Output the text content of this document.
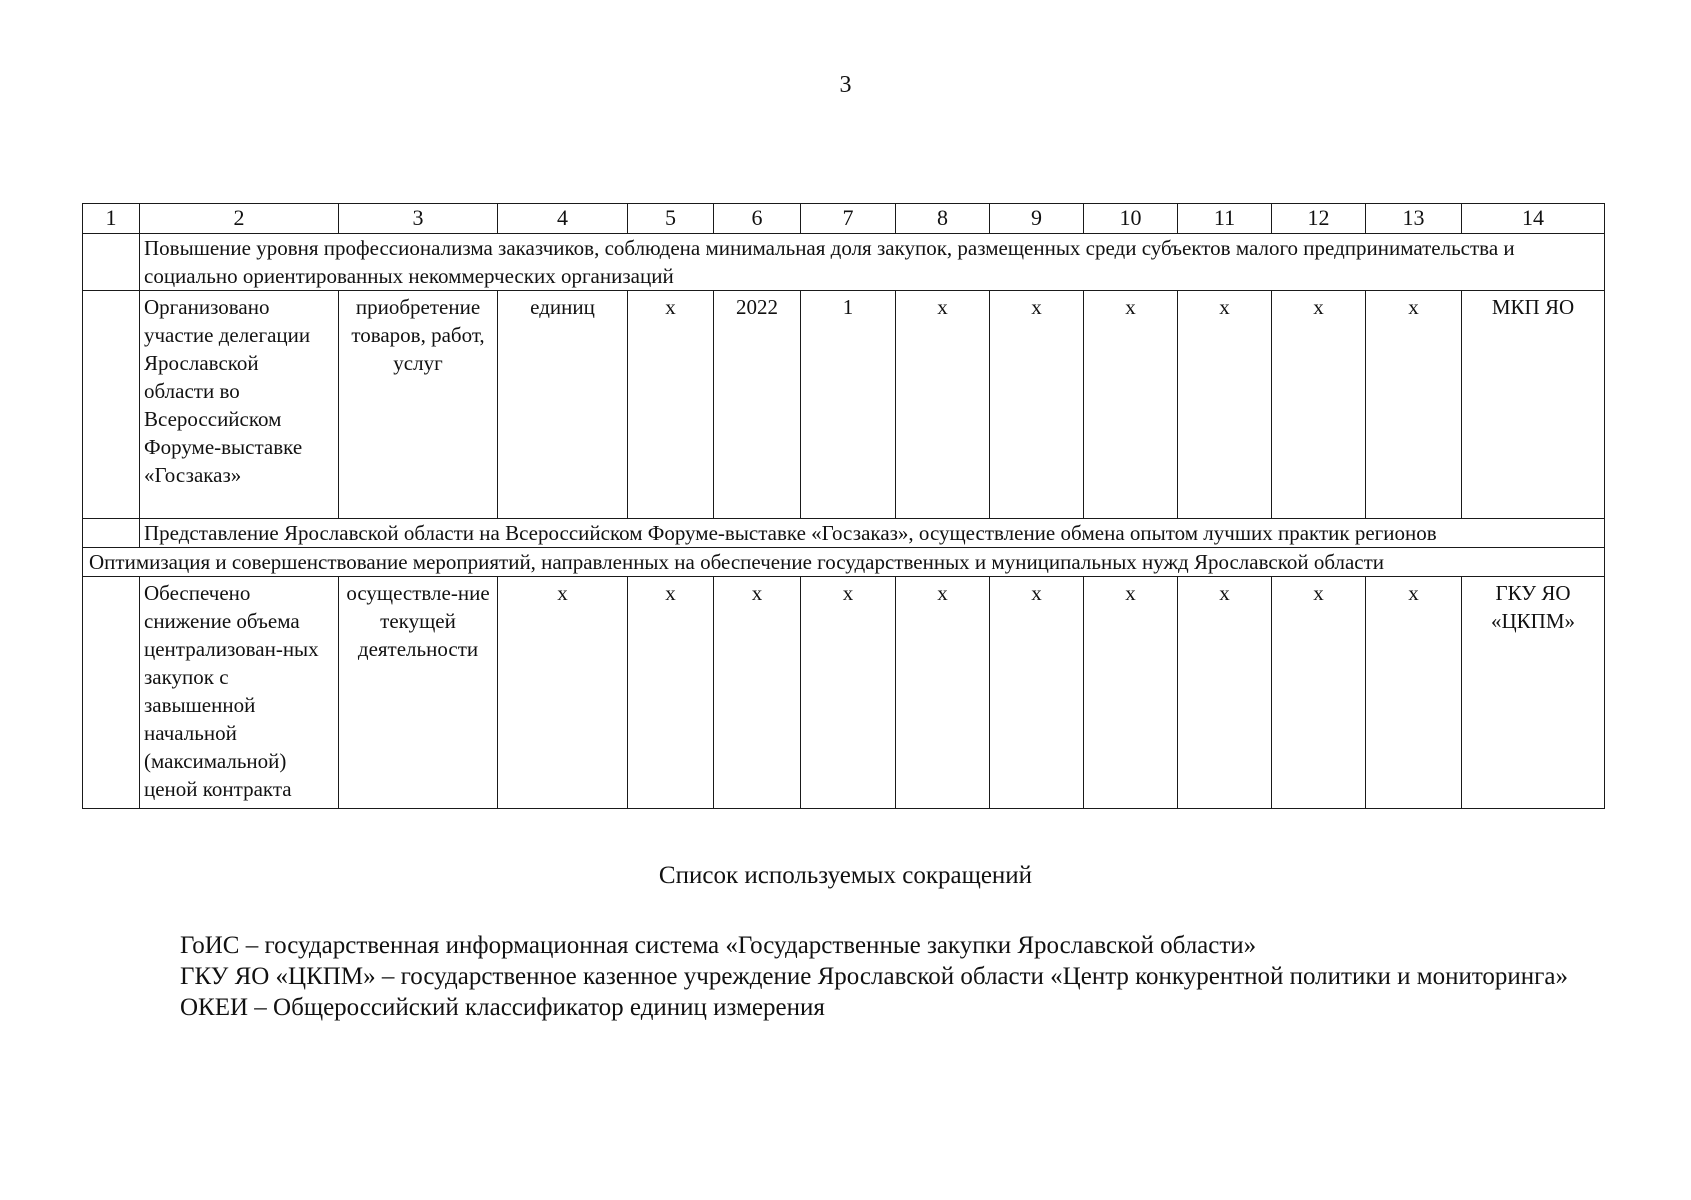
3
1	2	3	4	5	6	7	8	9	10	11	12	13	14
	Повышение уровня профессионализма заказчиков, соблюдена минимальная доля закупок, размещенных среди субъектов малого предпринимательства и социально ориентированных некоммерческих организаций												
	Организовано участие делегации Ярославской области во Всероссийском Форуме-выставке «Госзаказ»	приобретение товаров, работ, услуг	единиц	х	2022	1	х	х	х	х	х	х	МКП ЯО
	Представление Ярославской области на Всероссийском Форуме-выставке «Госзаказ», осуществление обмена опытом лучших практик регионов												
Оптимизация и совершенствование мероприятий, направленных на обеспечение государственных и муниципальных нужд Ярославской области													
	Обеспечено снижение объема централизован-ных закупок с завышенной начальной (максимальной) ценой контракта	осуществле-ние текущей деятельности	х	х	х	х	х	х	х	х	х	х	ГКУ ЯО «ЦКПМ»
Список используемых сокращений

ГоИС – государственная информационная система «Государственные закупки Ярославской области»

ГКУ ЯО «ЦКПМ» – государственное казенное учреждение Ярославской области «Центр конкурентной политики и мониторинга»

ОКЕИ – Общероссийский классификатор единиц измерения
